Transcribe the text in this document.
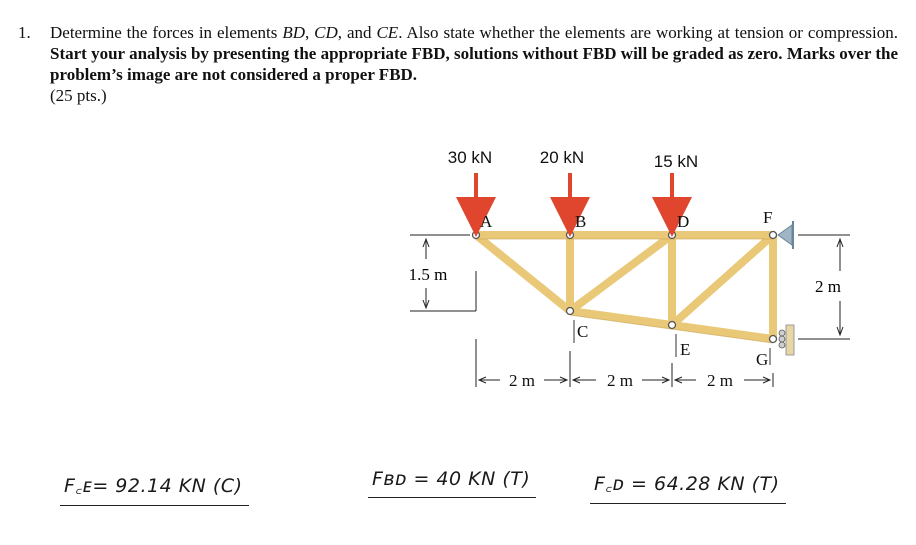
1. Determine the forces in elements BD, CD, and CE. Also state whether the elements are working at tension or compression. Start your analysis by presenting the appropriate FBD, solutions without FBD will be graded as zero. Marks over the problem’s image are not considered a proper FBD.
(25 pts.)
30 kN	20 kN	15 kN
A	B	D	F
C
E
G
1.5 m
2 m
2 m	2 m	2 m
F꜀ᴇ= 92.14 KN (C)	Fʙᴅ = 40 KN (T)	F꜀ᴅ = 64.28 KN (T)
